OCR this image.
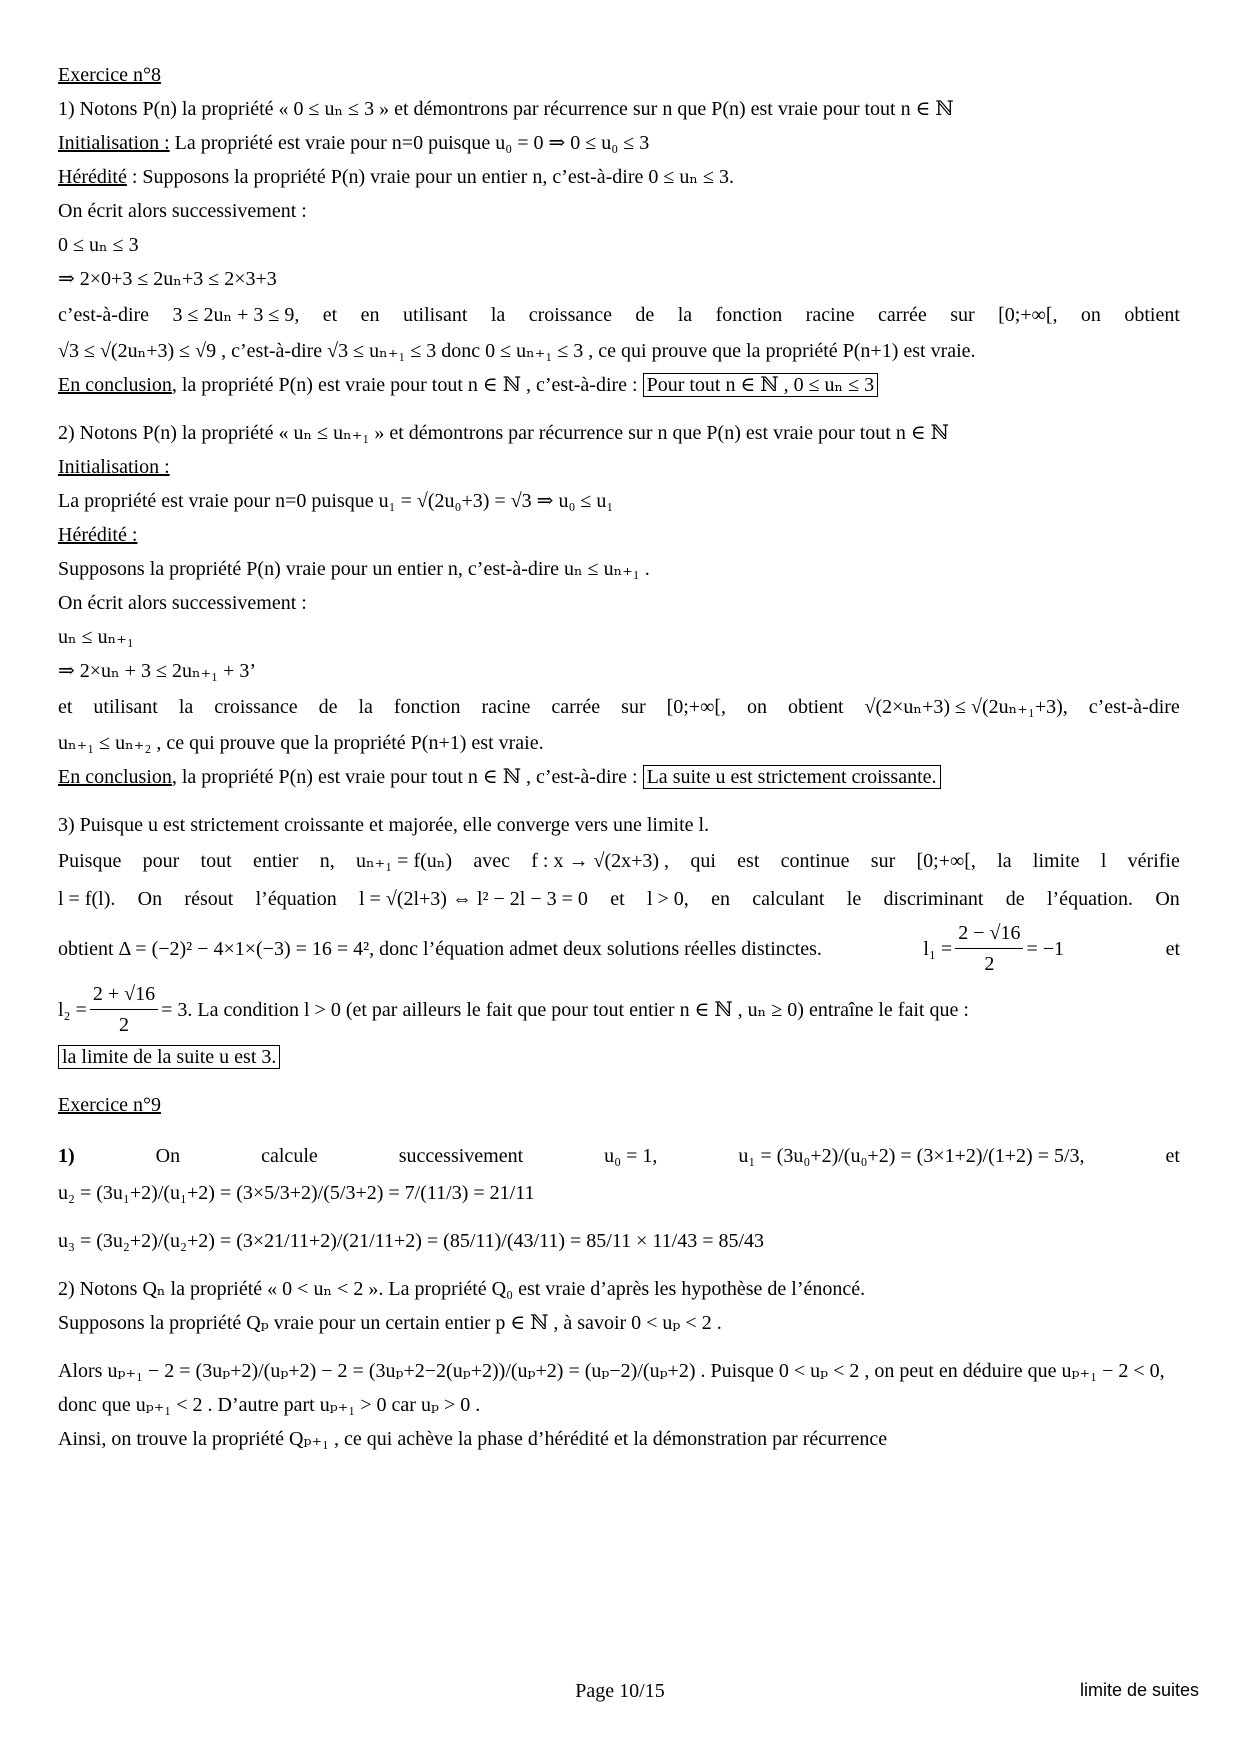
Exercice n°8
1) Notons P(n) la propriété « 0 ≤ uₙ ≤ 3 » et démontrons par récurrence sur n que P(n) est vraie pour tout n ∈ ℕ
Initialisation : La propriété est vraie pour n=0 puisque u₀ = 0 ⇒ 0 ≤ u₀ ≤ 3
Hérédité : Supposons la propriété P(n) vraie pour un entier n, c’est-à-dire 0 ≤ uₙ ≤ 3.
On écrit alors successivement :
0 ≤ uₙ ≤ 3
⇒ 2×0+3 ≤ 2uₙ+3 ≤ 2×3+3
c’est-à-dire 3 ≤ 2uₙ + 3 ≤ 9, et en utilisant la croissance de la fonction racine carrée sur [0;+∞[, on obtient
√3 ≤ √(2uₙ+3) ≤ √9 , c’est-à-dire √3 ≤ uₙ₊₁ ≤ 3 donc 0 ≤ uₙ₊₁ ≤ 3 , ce qui prouve que la propriété P(n+1) est vraie.
En conclusion, la propriété P(n) est vraie pour tout n ∈ ℕ , c’est-à-dire : Pour tout n ∈ ℕ , 0 ≤ uₙ ≤ 3
2) Notons P(n) la propriété « uₙ ≤ uₙ₊₁ » et démontrons par récurrence sur n que P(n) est vraie pour tout n ∈ ℕ
Initialisation :
La propriété est vraie pour n=0 puisque u₁ = √(2u₀+3) = √3 ⇒ u₀ ≤ u₁
Hérédité :
Supposons la propriété P(n) vraie pour un entier n, c’est-à-dire uₙ ≤ uₙ₊₁ .
On écrit alors successivement :
uₙ ≤ uₙ₊₁
⇒ 2×uₙ + 3 ≤ 2uₙ₊₁ + 3’
et utilisant la croissance de la fonction racine carrée sur [0;+∞[, on obtient √(2×uₙ+3) ≤ √(2uₙ₊₁+3), c’est-à-dire
uₙ₊₁ ≤ uₙ₊₂ , ce qui prouve que la propriété P(n+1) est vraie.
En conclusion, la propriété P(n) est vraie pour tout n ∈ ℕ , c’est-à-dire : La suite u est strictement croissante.
3) Puisque u est strictement croissante et majorée, elle converge vers une limite l.
Puisque pour tout entier n, uₙ₊₁ = f(uₙ) avec f : x → √(2x+3) , qui est continue sur [0;+∞[, la limite l vérifie
l = f(l). On résout l’équation l = √(2l+3) ⇔ l² − 2l − 3 = 0 et l > 0, en calculant le discriminant de l’équation. On
obtient Δ = (−2)² − 4×1×(−3) = 16 = 4², donc l’équation admet deux solutions réelles distinctes.	$l_1 = \frac{2 - √16}{2} = -1$	et
$l_2 = \frac{2 + √16}{2} = 3$. La condition l > 0 (et par ailleurs le fait que pour tout entier n ∈ ℕ , uₙ ≥ 0) entraîne le fait que :
la limite de la suite u est 3.
Exercice n°9
1)	On	calcule	successivement	u₀ = 1,	u₁ = (3u₀+2)/(u₀+2) = (3×1+2)/(1+2) = 5/3,	et
u₂ = (3u₁+2)/(u₁+2) = (3×5/3+2)/(5/3+2) = 7/(11/3) = 21/11
u₃ = (3u₂+2)/(u₂+2) = (3×21/11+2)/(21/11+2) = (85/11)/(43/11) = 85/11 × 11/43 = 85/43
2) Notons Qₙ la propriété « 0 < uₙ < 2 ». La propriété Q₀ est vraie d’après les hypothèse de l’énoncé.
Supposons la propriété Qₚ vraie pour un certain entier p ∈ ℕ , à savoir 0 < uₚ < 2 .
Alors uₚ₊₁ − 2 = (3uₚ+2)/(uₚ+2) − 2 = (3uₚ+2−2(uₚ+2))/(uₚ+2) = (uₚ−2)/(uₚ+2) . Puisque 0 < uₚ < 2 , on peut en déduire que uₚ₊₁ − 2 < 0,
donc que uₚ₊₁ < 2 . D’autre part uₚ₊₁ > 0 car uₚ > 0 .
Ainsi, on trouve la propriété Qₚ₊₁ , ce qui achève la phase d’hérédité et la démonstration par récurrence
Page 10/15	limite de suites
